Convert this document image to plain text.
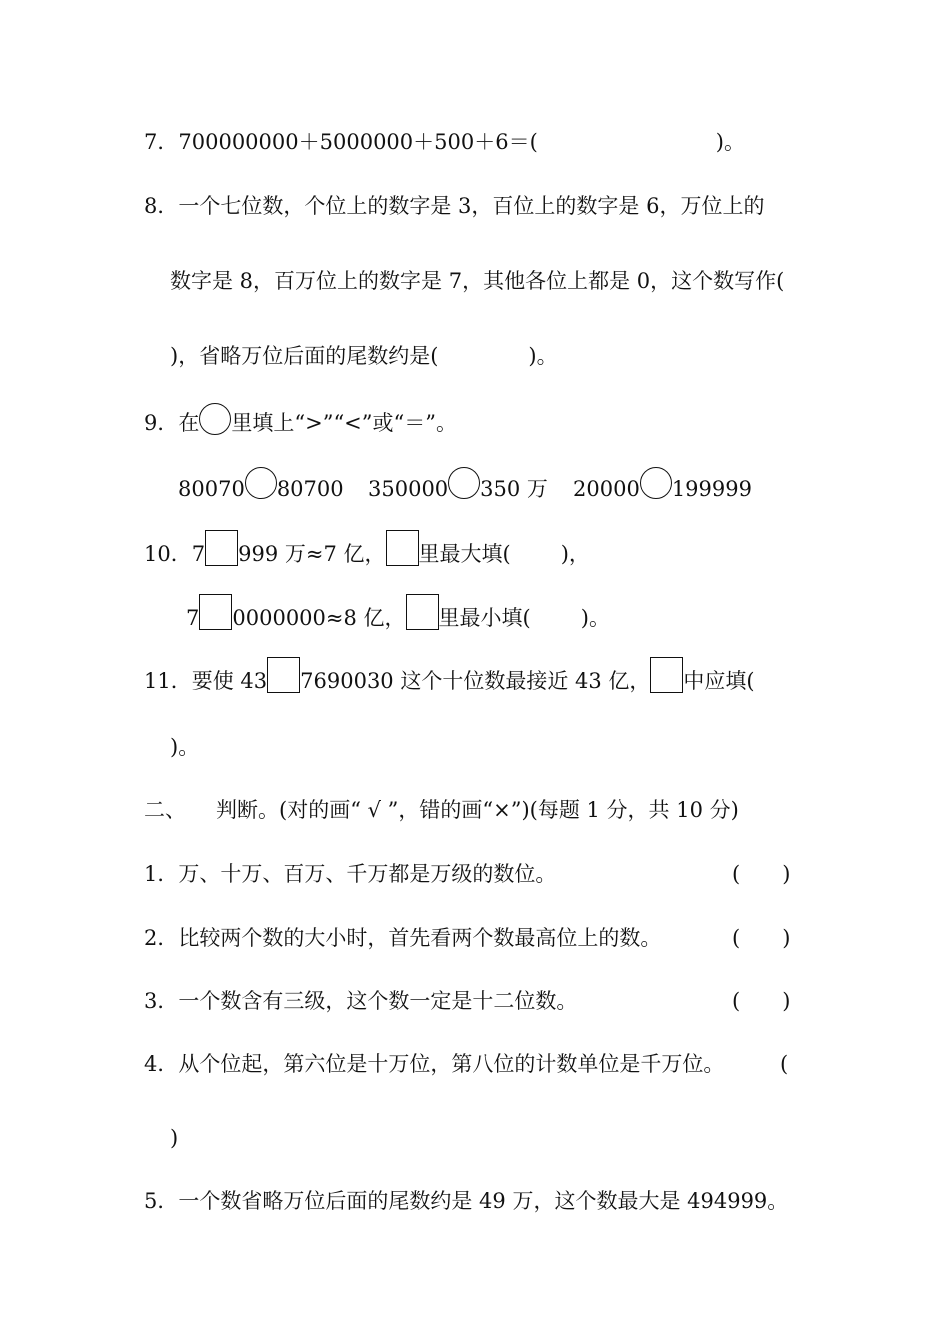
7． 700000000＋5000000＋500＋6＝(	)。
8． 一个七位数，个位上的数字是 3，百位上的数字是 6，万位上的
数字是 8，百万位上的数字是 7，其他各位上都是 0，这个数写作(
)，省略万位后面的尾数约是(	)。
9． 在 里填上“>”“<”或“＝”。
80070 80700 350000 350 万 20000 199999
10． 7 999 万≈7 亿， 里最大填( )，
7 0000000≈8 亿， 里最小填( )。
11． 要使 43 7690030 这个十位数最接近 43 亿， 中应填(
)。
二、 判断。(对的画“ √ ”，错的画“×”)(每题 1 分，共 10 分)
1． 万、十万、百万、千万都是万级的数位。	( )
2． 比较两个数的大小时，首先看两个数最高位上的数。	( )
3． 一个数含有三级，这个数一定是十二位数。	( )
4． 从个位起，第六位是十万位，第八位的计数单位是千万位。	(
)
5． 一个数省略万位后面的尾数约是 49 万，这个数最大是 494999。
